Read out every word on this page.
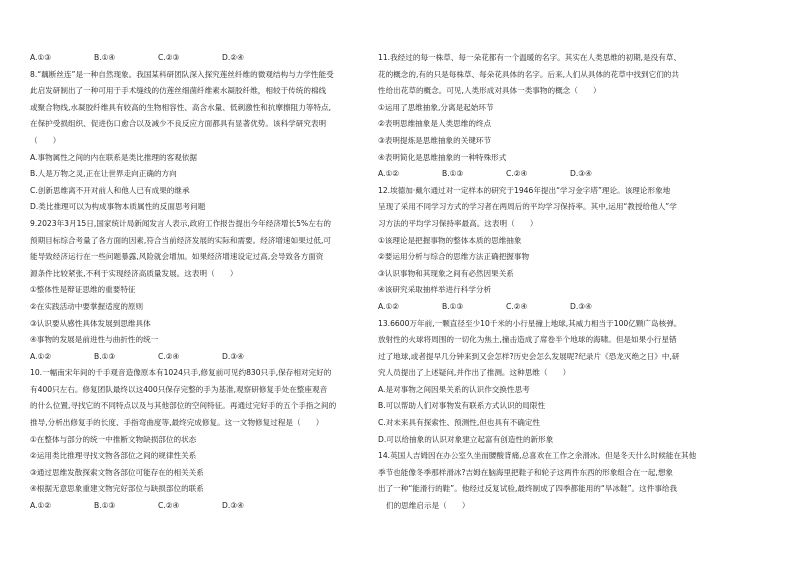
A.①③	B.①④	C.②③	D.②④
8.“藕断丝连”是一种自然现象。我国某科研团队深入探究莲丝纤维的微观结构与力学性能受
此启发研制出了一种可用于手术缝线的仿莲丝细菌纤维素水凝胶纤维，相较于传统的棉线
或聚合物线,水凝胶纤维具有较高的生物相容性、高含水量、低刺激性和抗摩擦阻力等特点,
在保护受损组织、促进伤口愈合以及减少不良反应方面都具有显著优势。该科学研究表明
（　　）
A.事物属性之间的内在联系是类比推理的客观依据
B.人是万物之灵,正在让世界走向正确的方向
C.创新思维离不开对前人和他人已有成果的继承
D.类比推理可以为构成事物本质属性的反面思考问题
9.2023年3月15日,国家统计局新闻发言人表示,政府工作报告提出今年经济增长5%左右的
预期目标综合考量了各方面的因素,符合当前经济发展的实际和需要。经济增速如果过低,可
能导致经济运行在一些问题暴露,风险就会增加。如果经济增速设定过高,会导致各方面资
源条件比较紧张,不利于实现经济高质量发展。这表明（　　）
①整体性是辩证思维的重要特征
②在实践活动中要掌握适度的原则
③认识要从感性具体发展到思维具体
④事物的发展是前进性与曲折性的统一
A.①②	B.①③	C.②④	D.③④
10.一幅南宋年间的千手观音造像原本有1024只手,修复前可见约830只手,保存相对完好的
有400只左右。修复团队最终以这400只保存完整的手为基准,观察研修复手处在整座观音
的什么位置,寻找它的不同特点以及与其他部位的空间特征。再通过完好手的五个手指之间的
推导,分析出修复手的长度、手指弯曲度等,最终完成修复。这一文物修复过程是（　　）
①在整体与部分的统一中推断文物缺损部位的状态
②运用类比推理寻找文物各部位之间的规律性关系
③通过思维发散探索文物各部位可能存在的相关关系
④根据无意思象重建文物完好部位与缺损部位的联系
A.①②	B.①③	C.②④	D.③④
11.我经过的每一株草、每一朵花都有一个温暖的名字。其实在人类思维的初期,是没有草、
花的概念的,有的只是每株草、每朵花具体的名字。后来,人们从具体的花草中找到它们的共
性给出花草的概念。可见,人类形成对具体一类事物的概念（　　）
①运用了思维抽象,分离是起始环节
②表明思维抽象是人类思维的终点
③表明提炼是思维抽象的关键环节
④表明简化是思维抽象的一种特殊形式
A.①②	B.①③	C.②④	D.③④
12.埃德加·戴尔通过对一定样本的研究于1946年提出“学习金字塔”理论。该理论形象地
呈现了采用不同学习方式的学习者在两周后的平均学习保持率。其中,运用“教授给他人”学
习方法的平均学习保持率最高。这表明（　　）
①该理论是把握事物的整体本质的思维抽象
②要运用分析与综合的思维方法正确把握事物
③认识事物和其现象之间有必然因果关系
④该研究采取抽样举进行科学分析
A.①②	B.①③	C.②④	D.③④
13.6600万年前,一颗直径至少10千米的小行星撞上地球,其威力相当于100亿颗广岛核弹。
放射性的火球将周围的一切化为焦土,撞击造成了席卷半个地球的海啸。但是如果小行星错
过了地球,或者提早几分钟来到又会怎样?历史会怎么发展呢?纪录片《恐龙灭绝之日》中,研
究人员提出了上述疑问,并作出了推测。这种思维（　　）
A.是对事物之间因果关系的认识作交换性思考
B.可以帮助人们对事物发有联系方式认识的局限性
C.对未来具有探索性、预测性,但也具有不确定性
D.可以给抽象的认识对象建立起富有创造性的新形象
14.英国人吉姆因在办公室久坐而腰酸背痛,总喜欢在工作之余滑冰。但是冬天什么时候能在其他
季节也能像冬季那样滑冰?吉姆在脑海里把鞋子和轮子这两件东西的形象组合在一起,想象
出了一种“能滑行的鞋”。他经过反复试验,最终制成了四季都能用的“旱冰鞋”。这件事给我
们的思维启示是（　　）
